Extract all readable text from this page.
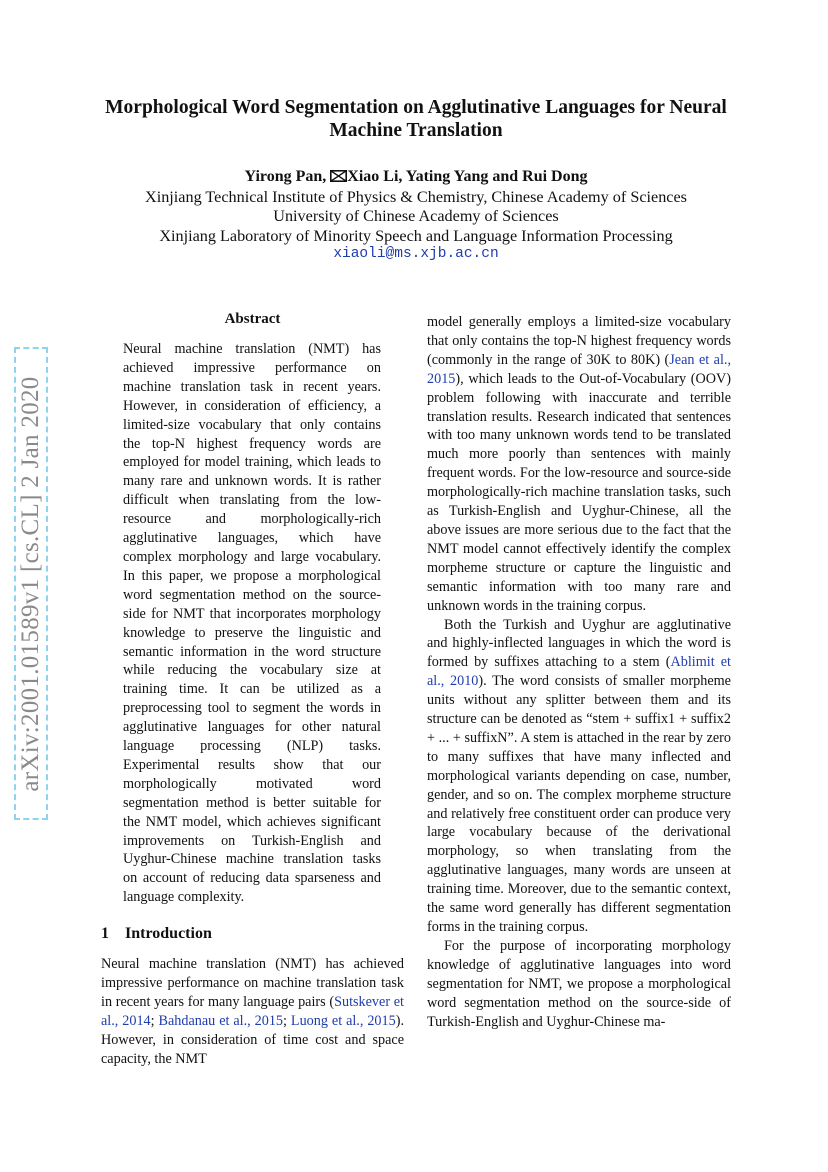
arXiv:2001.01589v1 [cs.CL] 2 Jan 2020
Morphological Word Segmentation on Agglutinative Languages for Neural Machine Translation
Yirong Pan, Xiao Li, Yating Yang and Rui Dong
Xinjiang Technical Institute of Physics & Chemistry, Chinese Academy of Sciences
University of Chinese Academy of Sciences
Xinjiang Laboratory of Minority Speech and Language Information Processing
xiaoli@ms.xjb.ac.cn
Abstract
Neural machine translation (NMT) has achieved impressive performance on machine translation task in recent years. However, in consideration of efficiency, a limited-size vocabulary that only contains the top-N highest frequency words are employed for model training, which leads to many rare and unknown words. It is rather difficult when translating from the low-resource and morphologically-rich agglutinative languages, which have complex morphology and large vocabulary. In this paper, we propose a morphological word segmentation method on the source-side for NMT that incorporates morphology knowledge to preserve the linguistic and semantic information in the word structure while reducing the vocabulary size at training time. It can be utilized as a preprocessing tool to segment the words in agglutinative languages for other natural language processing (NLP) tasks. Experimental results show that our morphologically motivated word segmentation method is better suitable for the NMT model, which achieves significant improvements on Turkish-English and Uyghur-Chinese machine translation tasks on account of reducing data sparseness and language complexity.
1 Introduction
Neural machine translation (NMT) has achieved impressive performance on machine translation task in recent years for many language pairs (Sutskever et al., 2014; Bahdanau et al., 2015; Luong et al., 2015). However, in consideration of time cost and space capacity, the NMT

model generally employs a limited-size vocabulary that only contains the top-N highest frequency words (commonly in the range of 30K to 80K) (Jean et al., 2015), which leads to the Out-of-Vocabulary (OOV) problem following with inaccurate and terrible translation results. Research indicated that sentences with too many unknown words tend to be translated much more poorly than sentences with mainly frequent words. For the low-resource and source-side morphologically-rich machine translation tasks, such as Turkish-English and Uyghur-Chinese, all the above issues are more serious due to the fact that the NMT model cannot effectively identify the complex morpheme structure or capture the linguistic and semantic information with too many rare and unknown words in the training corpus.

Both the Turkish and Uyghur are agglutinative and highly-inflected languages in which the word is formed by suffixes attaching to a stem (Ablimit et al., 2010). The word consists of smaller morpheme units without any splitter between them and its structure can be denoted as “stem + suffix1 + suffix2 + ... + suffixN”. A stem is attached in the rear by zero to many suffixes that have many inflected and morphological variants depending on case, number, gender, and so on. The complex morpheme structure and relatively free constituent order can produce very large vocabulary because of the derivational morphology, so when translating from the agglutinative languages, many words are unseen at training time. Moreover, due to the semantic context, the same word generally has different segmentation forms in the training corpus.

For the purpose of incorporating morphology knowledge of agglutinative languages into word segmentation for NMT, we propose a morphological word segmentation method on the source-side of Turkish-English and Uyghur-Chinese ma-
